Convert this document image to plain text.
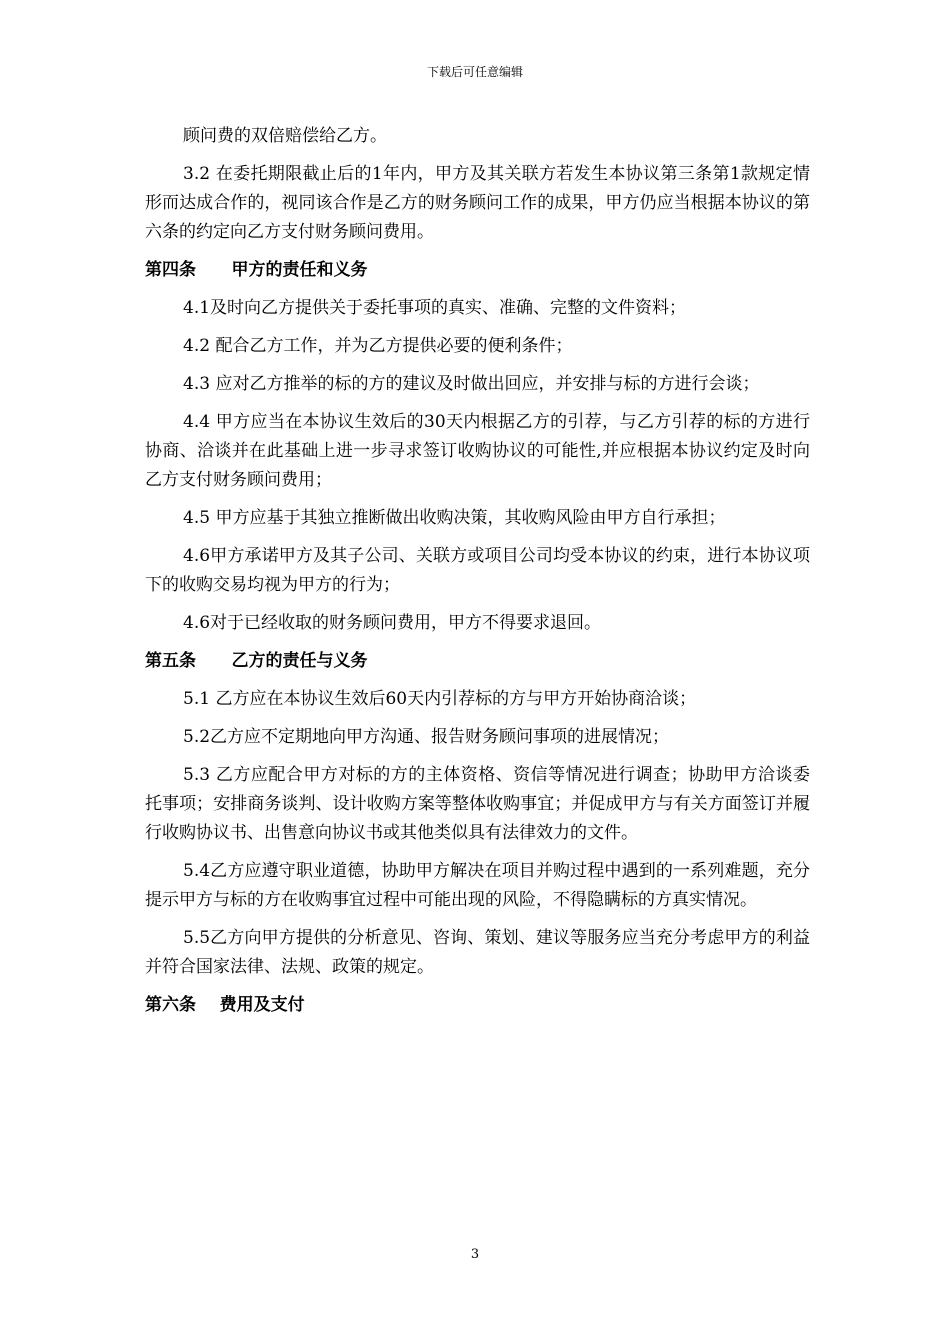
下载后可任意编辑

顾问费的双倍赔偿给乙方。

3.2 在委托期限截止后的1年内，甲方及其关联方若发生本协议第三条第1款规定情形而达成合作的，视同该合作是乙方的财务顾问工作的成果，甲方仍应当根据本协议的第六条的约定向乙方支付财务顾问费用。

第四条      甲方的责任和义务

4.1及时向乙方提供关于委托事项的真实、准确、完整的文件资料；

4.2 配合乙方工作，并为乙方提供必要的便利条件；

4.3 应对乙方推举的标的方的建议及时做出回应，并安排与标的方进行会谈；

4.4 甲方应当在本协议生效后的30天内根据乙方的引荐，与乙方引荐的标的方进行协商、洽谈并在此基础上进一步寻求签订收购协议的可能性,并应根据本协议约定及时向乙方支付财务顾问费用；

4.5 甲方应基于其独立推断做出收购决策，其收购风险由甲方自行承担；

4.6甲方承诺甲方及其子公司、关联方或项目公司均受本协议的约束，进行本协议项下的收购交易均视为甲方的行为；

4.6对于已经收取的财务顾问费用，甲方不得要求退回。

第五条      乙方的责任与义务

5.1 乙方应在本协议生效后60天内引荐标的方与甲方开始协商洽谈；

5.2乙方应不定期地向甲方沟通、报告财务顾问事项的进展情况；

5.3 乙方应配合甲方对标的方的主体资格、资信等情况进行调查；协助甲方洽谈委托事项；安排商务谈判、设计收购方案等整体收购事宜；并促成甲方与有关方面签订并履行收购协议书、出售意向协议书或其他类似具有法律效力的文件。

5.4乙方应遵守职业道德，协助甲方解决在项目并购过程中遇到的一系列难题，充分提示甲方与标的方在收购事宜过程中可能出现的风险，不得隐瞒标的方真实情况。

5.5乙方向甲方提供的分析意见、咨询、策划、建议等服务应当充分考虑甲方的利益并符合国家法律、法规、政策的规定。

第六条    费用及支付
3
